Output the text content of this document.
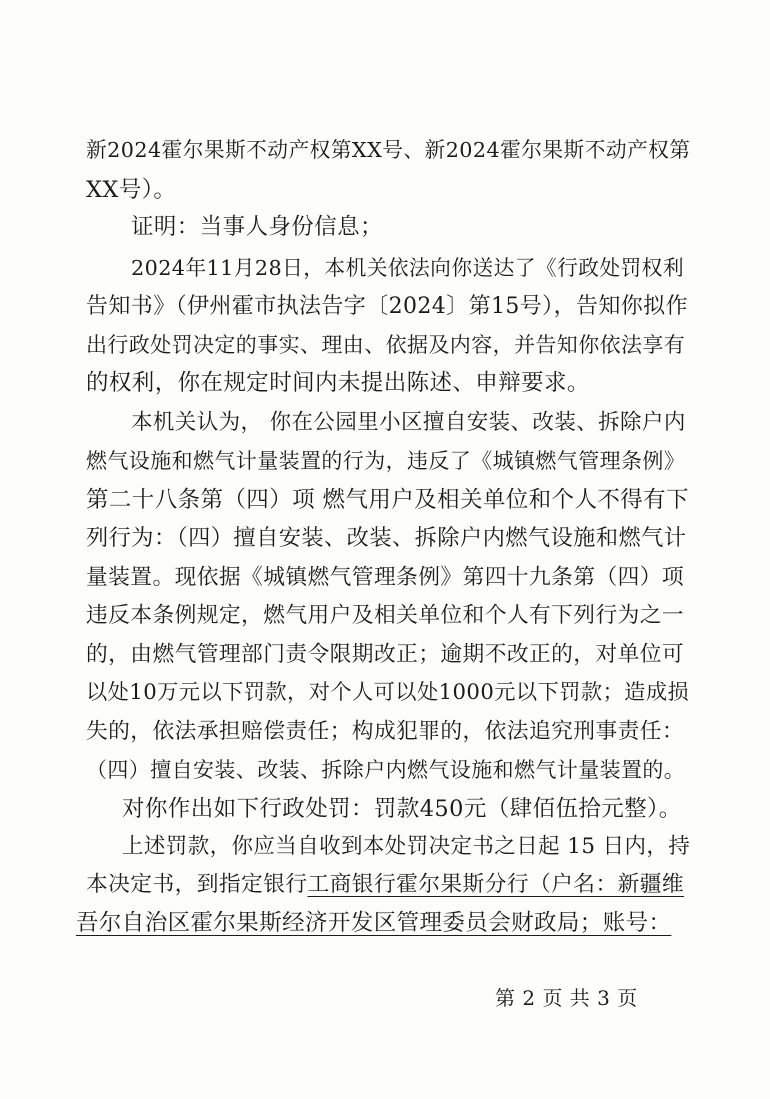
新2024霍尔果斯不动产权第XX号、新2024霍尔果斯不动产权第
XX号）。
证明：当事人身份信息；
2024年11月28日，本机关依法向你送达了《行政处罚权利
告知书》（伊州霍市执法告字〔2024〕第15号），告知你拟作
出行政处罚决定的事实、理由、依据及内容，并告知你依法享有
的权利，你在规定时间内未提出陈述、申辩要求。
本机关认为， 你在公园里小区擅自安装、改装、拆除户内
燃气设施和燃气计量装置的行为，违反了《城镇燃气管理条例》
第二十八条第（四）项 燃气用户及相关单位和个人不得有下
列行为：（四）擅自安装、改装、拆除户内燃气设施和燃气计
量装置。现依据《城镇燃气管理条例》第四十九条第（四）项
违反本条例规定，燃气用户及相关单位和个人有下列行为之一
的，由燃气管理部门责令限期改正；逾期不改正的，对单位可
以处10万元以下罚款，对个人可以处1000元以下罚款；造成损
失的，依法承担赔偿责任；构成犯罪的，依法追究刑事责任：
（四）擅自安装、改装、拆除户内燃气设施和燃气计量装置的。
对你作出如下行政处罚：罚款450元（肆佰伍拾元整）。
上述罚款，你应当自收到本处罚决定书之日起 15 日内，持
本决定书，到指定银行工商银行霍尔果斯分行（户名：新疆维
吾尔自治区霍尔果斯经济开发区管理委员会财政局；账号：
第 2 页 共 3 页
